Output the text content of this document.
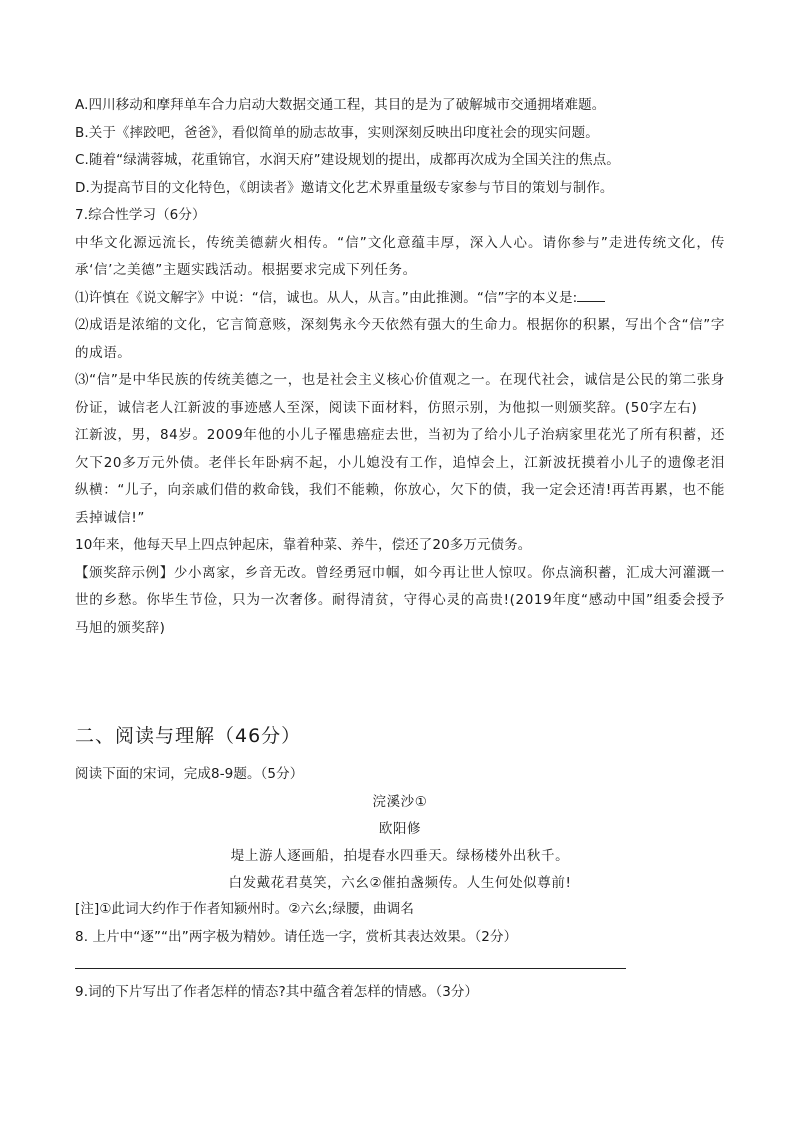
A.四川移动和摩拜单车合力启动大数据交通工程，其目的是为了破解城市交通拥堵难题。
B.关于《摔跤吧，爸爸》，看似简单的励志故事，实则深刻反映出印度社会的现实问题。
C.随着“绿满蓉城，花重锦官，水润天府”建设规划的提出，成都再次成为全国关注的焦点。
D.为提高节目的文化特色，《朗读者》邀请文化艺术界重量级专家参与节目的策划与制作。
7.综合性学习（6分）
中华文化源远流长，传统美德薪火相传。“信”文化意蕴丰厚，深入人心。请你参与”走进传统文化，传承‘信’之美德”主题实践活动。根据要求完成下列任务。
⑴许慎在《说文解字》中说：“信，诚也。从人，从言。”由此推测。“信”字的本义是:
⑵成语是浓缩的文化，它言简意赅，深刻隽永今天依然有强大的生命力。根据你的积累，写出个含“信”字的成语。
⑶“信”是中华民族的传统美德之一，也是社会主义核心价值观之一。在现代社会，诚信是公民的第二张身份证，诚信老人江新波的事迹感人至深，阅读下面材料，仿照示别，为他拟一则颁奖辞。(50字左右)
江新波，男，84岁。2009年他的小儿子罹患癌症去世，当初为了给小儿子治病家里花光了所有积蓄，还欠下20多万元外债。老伴长年卧病不起，小儿媳没有工作，追悼会上，江新波抚摸着小儿子的遗像老泪纵横：“儿子，向亲戚们借的救命钱，我们不能赖，你放心，欠下的债，我一定会还清!再苦再累，也不能丢掉诚信!”
10年来，他每天早上四点钟起床，靠着种菜、养牛，偿还了20多万元债务。
【颁奖辞示例】少小离家，乡音无改。曾经勇冠巾帼，如今再让世人惊叹。你点滴积蓄，汇成大河灌溉一世的乡愁。你毕生节俭，只为一次奢侈。耐得清贫，守得心灵的高贵!(2019年度“感动中国”组委会授予马旭的颁奖辞)
二、阅读与理解（46分）
阅读下面的宋词，完成8-9题。（5分）
浣溪沙①
欧阳修
堤上游人逐画船，拍堤春水四垂天。绿杨楼外出秋千。
白发戴花君莫笑，六幺②催拍盏频传。人生何处似尊前!
[注]①此词大约作于作者知颍州时。②六幺;绿腰，曲调名
8. 上片中“逐”“出”两字极为精妙。请任选一字，赏析其表达效果。（2分）
9.词的下片写出了作者怎样的情态?其中蕴含着怎样的情感。（3分）
